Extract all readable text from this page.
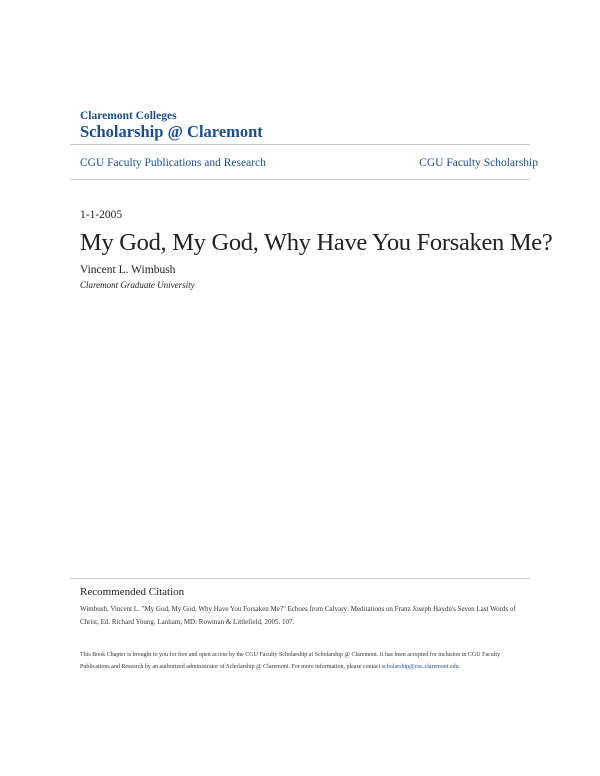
Claremont Colleges
Scholarship @ Claremont
CGU Faculty Publications and Research	CGU Faculty Scholarship
1-1-2005
My God, My God, Why Have You Forsaken Me?
Vincent L. Wimbush
Claremont Graduate University
Recommended Citation
Wimbush, Vincent L. "My God, My God, Why Have You Forsaken Me?" Echoes from Calvary: Meditations on Franz Joseph Haydn's Seven Last Words of Christ, Ed. Richard Young. Lanham, MD: Rowman & Littlefield, 2005. 107.
This Book Chapter is brought to you for free and open access by the CGU Faculty Scholarship at Scholarship @ Claremont. It has been accepted for inclusion in CGU Faculty Publications and Research by an authorized administrator of Scholarship @ Claremont. For more information, please contact scholarship@cuc.claremont.edu.
